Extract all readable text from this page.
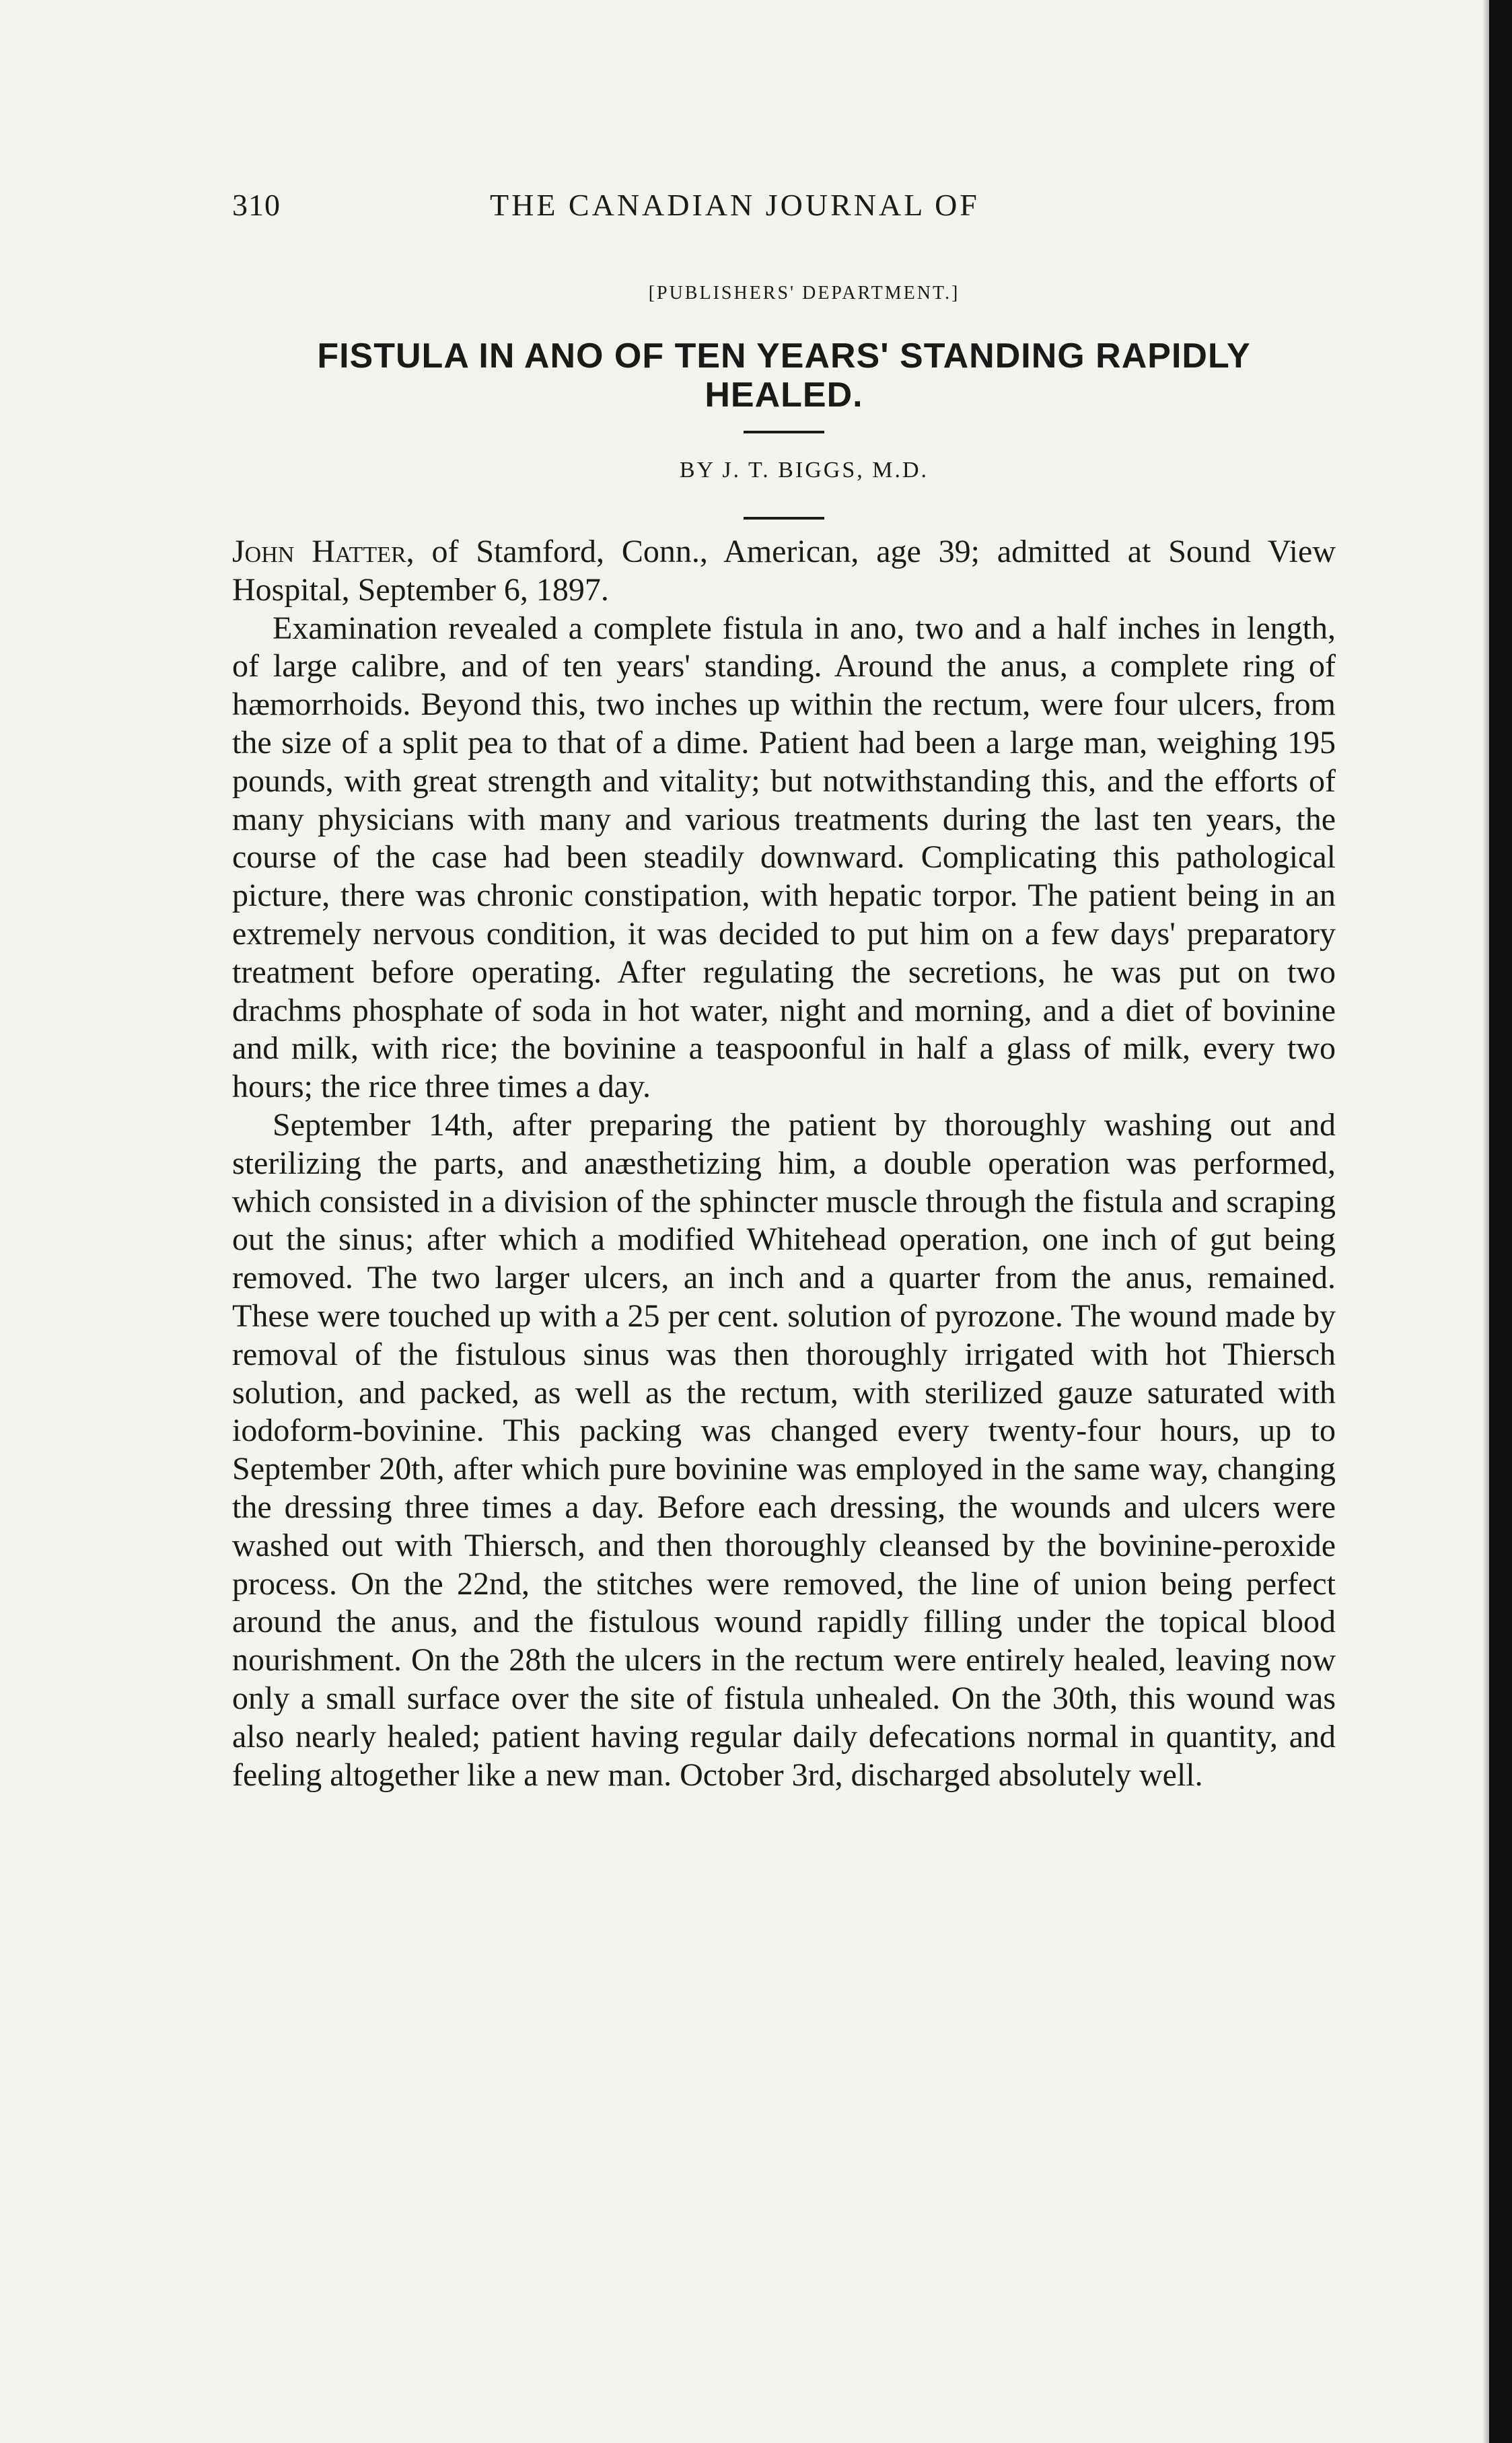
310	THE CANADIAN JOURNAL OF
[PUBLISHERS' DEPARTMENT.]
FISTULA IN ANO OF TEN YEARS' STANDING RAPIDLY
HEALED.
BY J. T. BIGGS, M.D.

John Hatter, of Stamford, Conn., American, age 39; admitted at Sound View Hospital, September 6, 1897.

Examination revealed a complete fistula in ano, two and a half inches in length, of large calibre, and of ten years' standing. Around the anus, a complete ring of hæmorrhoids. Beyond this, two inches up within the rectum, were four ulcers, from the size of a split pea to that of a dime. Patient had been a large man, weighing 195 pounds, with great strength and vitality; but notwithstanding this, and the efforts of many physicians with many and various treatments during the last ten years, the course of the case had been steadily downward. Complicating this pathological picture, there was chronic constipation, with hepatic torpor. The patient being in an extremely nervous condition, it was decided to put him on a few days' preparatory treatment before operating. After regulating the secretions, he was put on two drachms phosphate of soda in hot water, night and morning, and a diet of bovinine and milk, with rice; the bovinine a teaspoonful in half a glass of milk, every two hours; the rice three times a day.

September 14th, after preparing the patient by thoroughly washing out and sterilizing the parts, and anæsthetizing him, a double operation was performed, which consisted in a division of the sphincter muscle through the fistula and scraping out the sinus; after which a modified Whitehead operation, one inch of gut being removed. The two larger ulcers, an inch and a quarter from the anus, remained. These were touched up with a 25 per cent. solution of pyrozone. The wound made by removal of the fistulous sinus was then thoroughly irrigated with hot Thiersch solution, and packed, as well as the rectum, with sterilized gauze saturated with iodoform-bovinine. This packing was changed every twenty-four hours, up to September 20th, after which pure bovinine was employed in the same way, changing the dressing three times a day. Before each dressing, the wounds and ulcers were washed out with Thiersch, and then thoroughly cleansed by the bovinine-peroxide process. On the 22nd, the stitches were removed, the line of union being perfect around the anus, and the fistulous wound rapidly filling under the topical blood nourishment. On the 28th the ulcers in the rectum were entirely healed, leaving now only a small surface over the site of fistula unhealed. On the 30th, this wound was also nearly healed; patient having regular daily defecations normal in quantity, and feeling altogether like a new man. October 3rd, discharged absolutely well.
